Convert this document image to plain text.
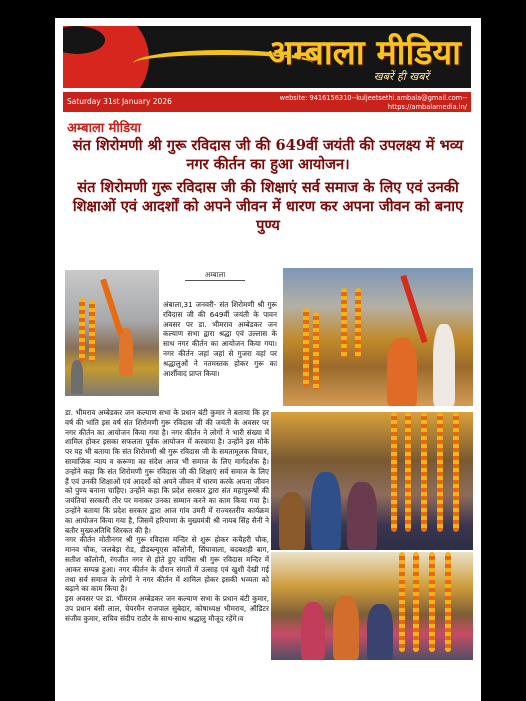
अम्बाला मीडिया
खबरें ही खबरें
Saturday 31st January 2026	website: 9416156310--kuljeetsethi.ambala@gmail.com--
https://ambalamedia.in/
अम्बाला मीडिया
संत शिरोमणी श्री गुरू रविदास जी की 649वीं जयंती की उपलक्ष्य में भव्य नगर कीर्तन का हुआ आयोजन।
संत शिरोमणी गुरू रविदास जी की शिक्षाएं सर्व समाज के लिए एवं उनकी शिक्षाओं एवं आदर्शों को अपने जीवन में धारण कर अपना जीवन को बनाए पुण्य
अम्बाला

अंबाला,31 जनवरी- संत शिरोमणी श्री गुरू रविदास जी की 649वीं जयंती के पावन अवसर पर डा. भीमराव अम्बेडकर जन कल्याण सभा द्वारा श्रद्धा एवं उल्लास के साथ नगर कीर्तन का आयोजन किया गया। नगर कीर्तन जहां जहां से गुजरा वहां पर श्रद्धालुओं ने नतमस्तक होकर गुरू का आर्शीवाद प्राप्त किया।

डा. भीमराव अम्बेडकर जन कल्याण सभा के प्रधान बंटी कुमार ने बताया कि हर वर्ष की भांति इस वर्ष संत शिरोमणी गुरू रविदास जी की जयंती के अवसर पर नगर कीर्तन का आयोजन किया गया है। नगर कीर्तन ने लोगों ने भारी संख्या में शामिल होकर इसका सफलता पूर्वक आयोजन में करवाया है। उन्होंने इस मौके पर यह भी बताया कि संत शिरोमणी श्री गुरू रविदास जी के समतामूलक विचार, सामाजिक न्याय व करूणा का संदेश आज भी समाज के लिए मार्गदर्शक है। उन्होंने कहा कि संत शिरोमणी गुरू रविदास जी की शिक्षाएं सर्व समाज के लिए हैं एवं उनकी शिक्षाओं एवं आदर्शो को अपने जीवन में धारण करके अपना जीवन को पुण्य बनाना चाहिए। उन्होंने कहा कि प्रदेश सरकार द्वारा संत महापुरूषों की जयंतियां सरकारी तौर पर मनाकर उनका सम्मान करने का काम किया गया है। उन्होंने बताया कि प्रदेश सरकार द्वारा आज गांव उमरी में राज्यस्तरीय कार्यक्रम का आयोजन किया गया है, जिसमें हरियाणा के मुख्यमंत्री श्री नायब सिंह सैनी ने बतौर मुख्यअतिथि शिरकत की है।

नगर कीर्तन मोतीनगर श्री गुरू रविदास मन्दिर से शुरू होकर कचैहरी चौक, मानव चौक, जलबेड़ा रोड, डीडब्ल्यूएस कॉलोनी, सिंघावाला, बदबशही बाग, सतीश कॉलोनी, रंगजीत नगर से होते हुए वापिस श्री गुरू रविदास मन्दिर में आकर सम्पन्न हुआ। नगर कीर्तन के दौरान संगतों में उत्साह एवं खुशी देखी गई तथा सर्व समाज के लोगों ने नगर कीर्तन में शामिल होकर इसकी भव्यता को बढ़ाने का काम किया है।

इस अवसर पर डा. भीमराव अम्बेडकर जन कल्याण सभा के प्रधान बंटी कुमार, उप प्रधान बंसी लाल, चेयरमैन राजपाल सुबेदार, कोषाध्यक्ष भीमराय, ऑडिटर संजीव कुमार, सचिव संदीप राठौर के साथ-साथ श्रद्धालु मौजूद रहेंगे।व
